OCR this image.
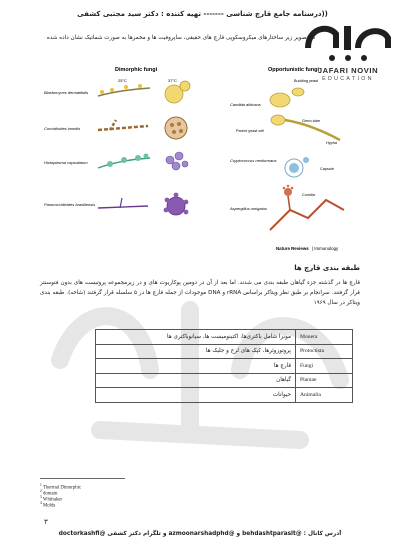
((درسنامه جامع قارچ شناسی ------- تهیه کننده : دکتر سید مجتبی کشفی
در تصویر زیر ساختارهای میکروسکوپی قارچ های حقیقی، ساپروفیت ها و مخمرها به صورت شماتیک نشان داده شده
JAFARI NOVIN
EDUCATION
Dimorphic fungi	Opportunistic fungi
25°C	37°C
Blastomyces dermatitidis
Coccidioides immitis
Histoplasma capsulatum
Paracoccidioides brasiliensis
Candida albicans
Cryptococcus neoformans
Aspergillus umigatus
Budding yeast
Parent yeast cell
Germ-tube
Hypha
Capsule
Conidia
Nature Reviews | Immunology
طبقه بندی قارچ ها
قارچ ها در گذشته جزء گیاهان طبقه بندی می شدند. اما بعد از آن در دومین پوکاریوت های و در زیرمجموعه پروتیست های بدون فتوسنتز قرار گرفتند. سرانجام بر طبق نظر ویتاکر براساس rRNA و DNA موجودات از جمله قارچ ها در ۵ سلسله قرار گرفتند (شاخه). طبقه بندی ویتاکر در سال ۱۹۶۹
مونرا شامل باکتری‌ها، اکتینومیست ها، سیانوباکتری ها	Monera
پروتوزوئرها، کپک های لزج و جلبک ها	Protoctista
قارچ ها	Fungi
گیاهان	Plantae
حیوانات	Animalia
$^1$ Thermal Dimorphic
$^2$ domain
$^3$ Whittaker
$^4$ Molds
۳
آدرس کانال : @behdashtparasit و @azmoonarshadphd و تلگرام دکتر کشفی @doctorkashfi
